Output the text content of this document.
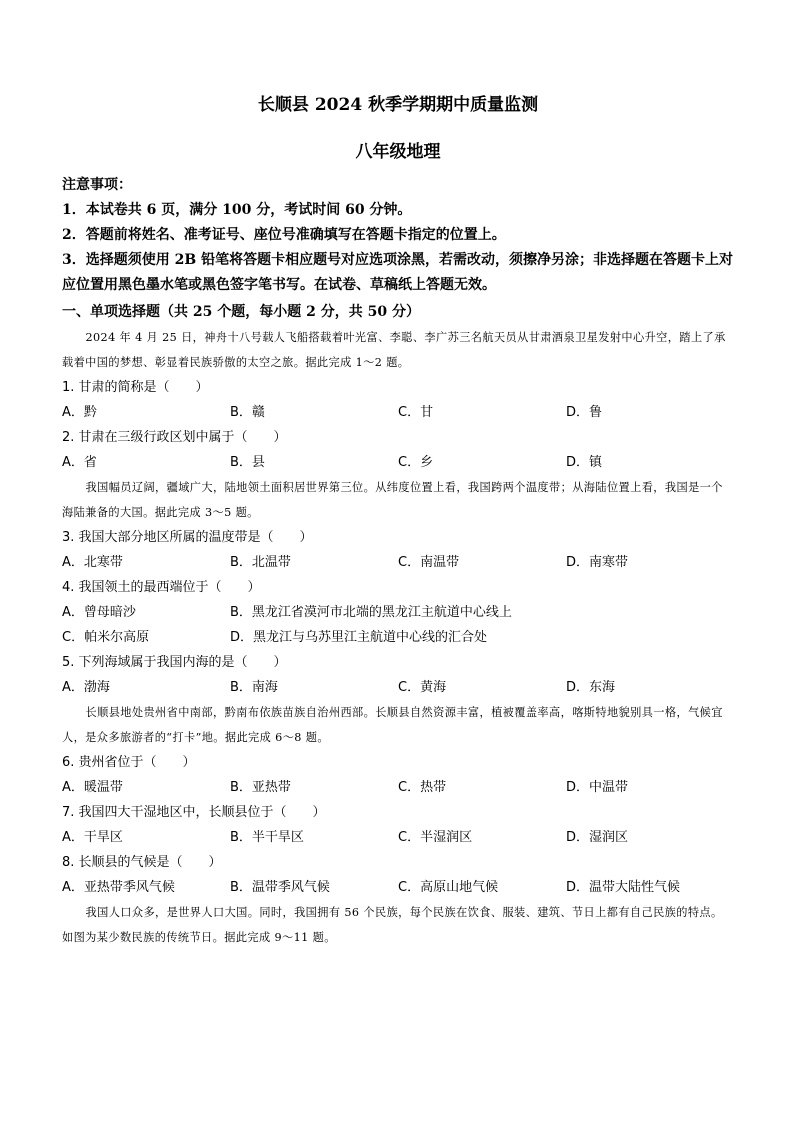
长顺县 2024 秋季学期期中质量监测
八年级地理
注意事项：
1．本试卷共 6 页，满分 100 分，考试时间 60 分钟。
2．答题前将姓名、准考证号、座位号准确填写在答题卡指定的位置上。
3．选择题须使用 2B 铅笔将答题卡相应题号对应选项涂黑，若需改动，须擦净另涂；非选择题在答题卡上对应位置用黑色墨水笔或黑色签字笔书写。在试卷、草稿纸上答题无效。
一、单项选择题（共 25 个题，每小题 2 分，共 50 分）
2024 年 4 月 25 日，神舟十八号载人飞船搭载着叶光富、李聪、李广苏三名航天员从甘肃酒泉卫星发射中心升空，踏上了承载着中国的梦想、彰显着民族骄傲的太空之旅。据此完成 1～2 题。
1. 甘肃的简称是（　　）
A．黔	B．赣	C．甘	D．鲁
2. 甘肃在三级行政区划中属于（　　）
A．省	B．县	C．乡	D．镇
我国幅员辽阔，疆域广大，陆地领土面积居世界第三位。从纬度位置上看，我国跨两个温度带；从海陆位置上看，我国是一个海陆兼备的大国。据此完成 3～5 题。
3. 我国大部分地区所属的温度带是（　　）
A．北寒带	B．北温带	C．南温带	D．南寒带
4. 我国领土的最西端位于（　　）
A．曾母暗沙	B．黑龙江省漠河市北端的黑龙江主航道中心线上
C．帕米尔高原	D．黑龙江与乌苏里江主航道中心线的汇合处
5. 下列海域属于我国内海的是（　　）
A．渤海	B．南海	C．黄海	D．东海
长顺县地处贵州省中南部，黔南布依族苗族自治州西部。长顺县自然资源丰富，植被覆盖率高，喀斯特地貌别具一格，气候宜人，是众多旅游者的“打卡”地。据此完成 6～8 题。
6. 贵州省位于（　　）
A．暖温带	B．亚热带	C．热带	D．中温带
7. 我国四大干湿地区中，长顺县位于（　　）
A．干旱区	B．半干旱区	C．半湿润区	D．湿润区
8. 长顺县的气候是（　　）
A．亚热带季风气候	B．温带季风气候	C．高原山地气候	D．温带大陆性气候
我国人口众多，是世界人口大国。同时，我国拥有 56 个民族，每个民族在饮食、服装、建筑、节日上都有自己民族的特点。如图为某少数民族的传统节日。据此完成 9～11 题。
